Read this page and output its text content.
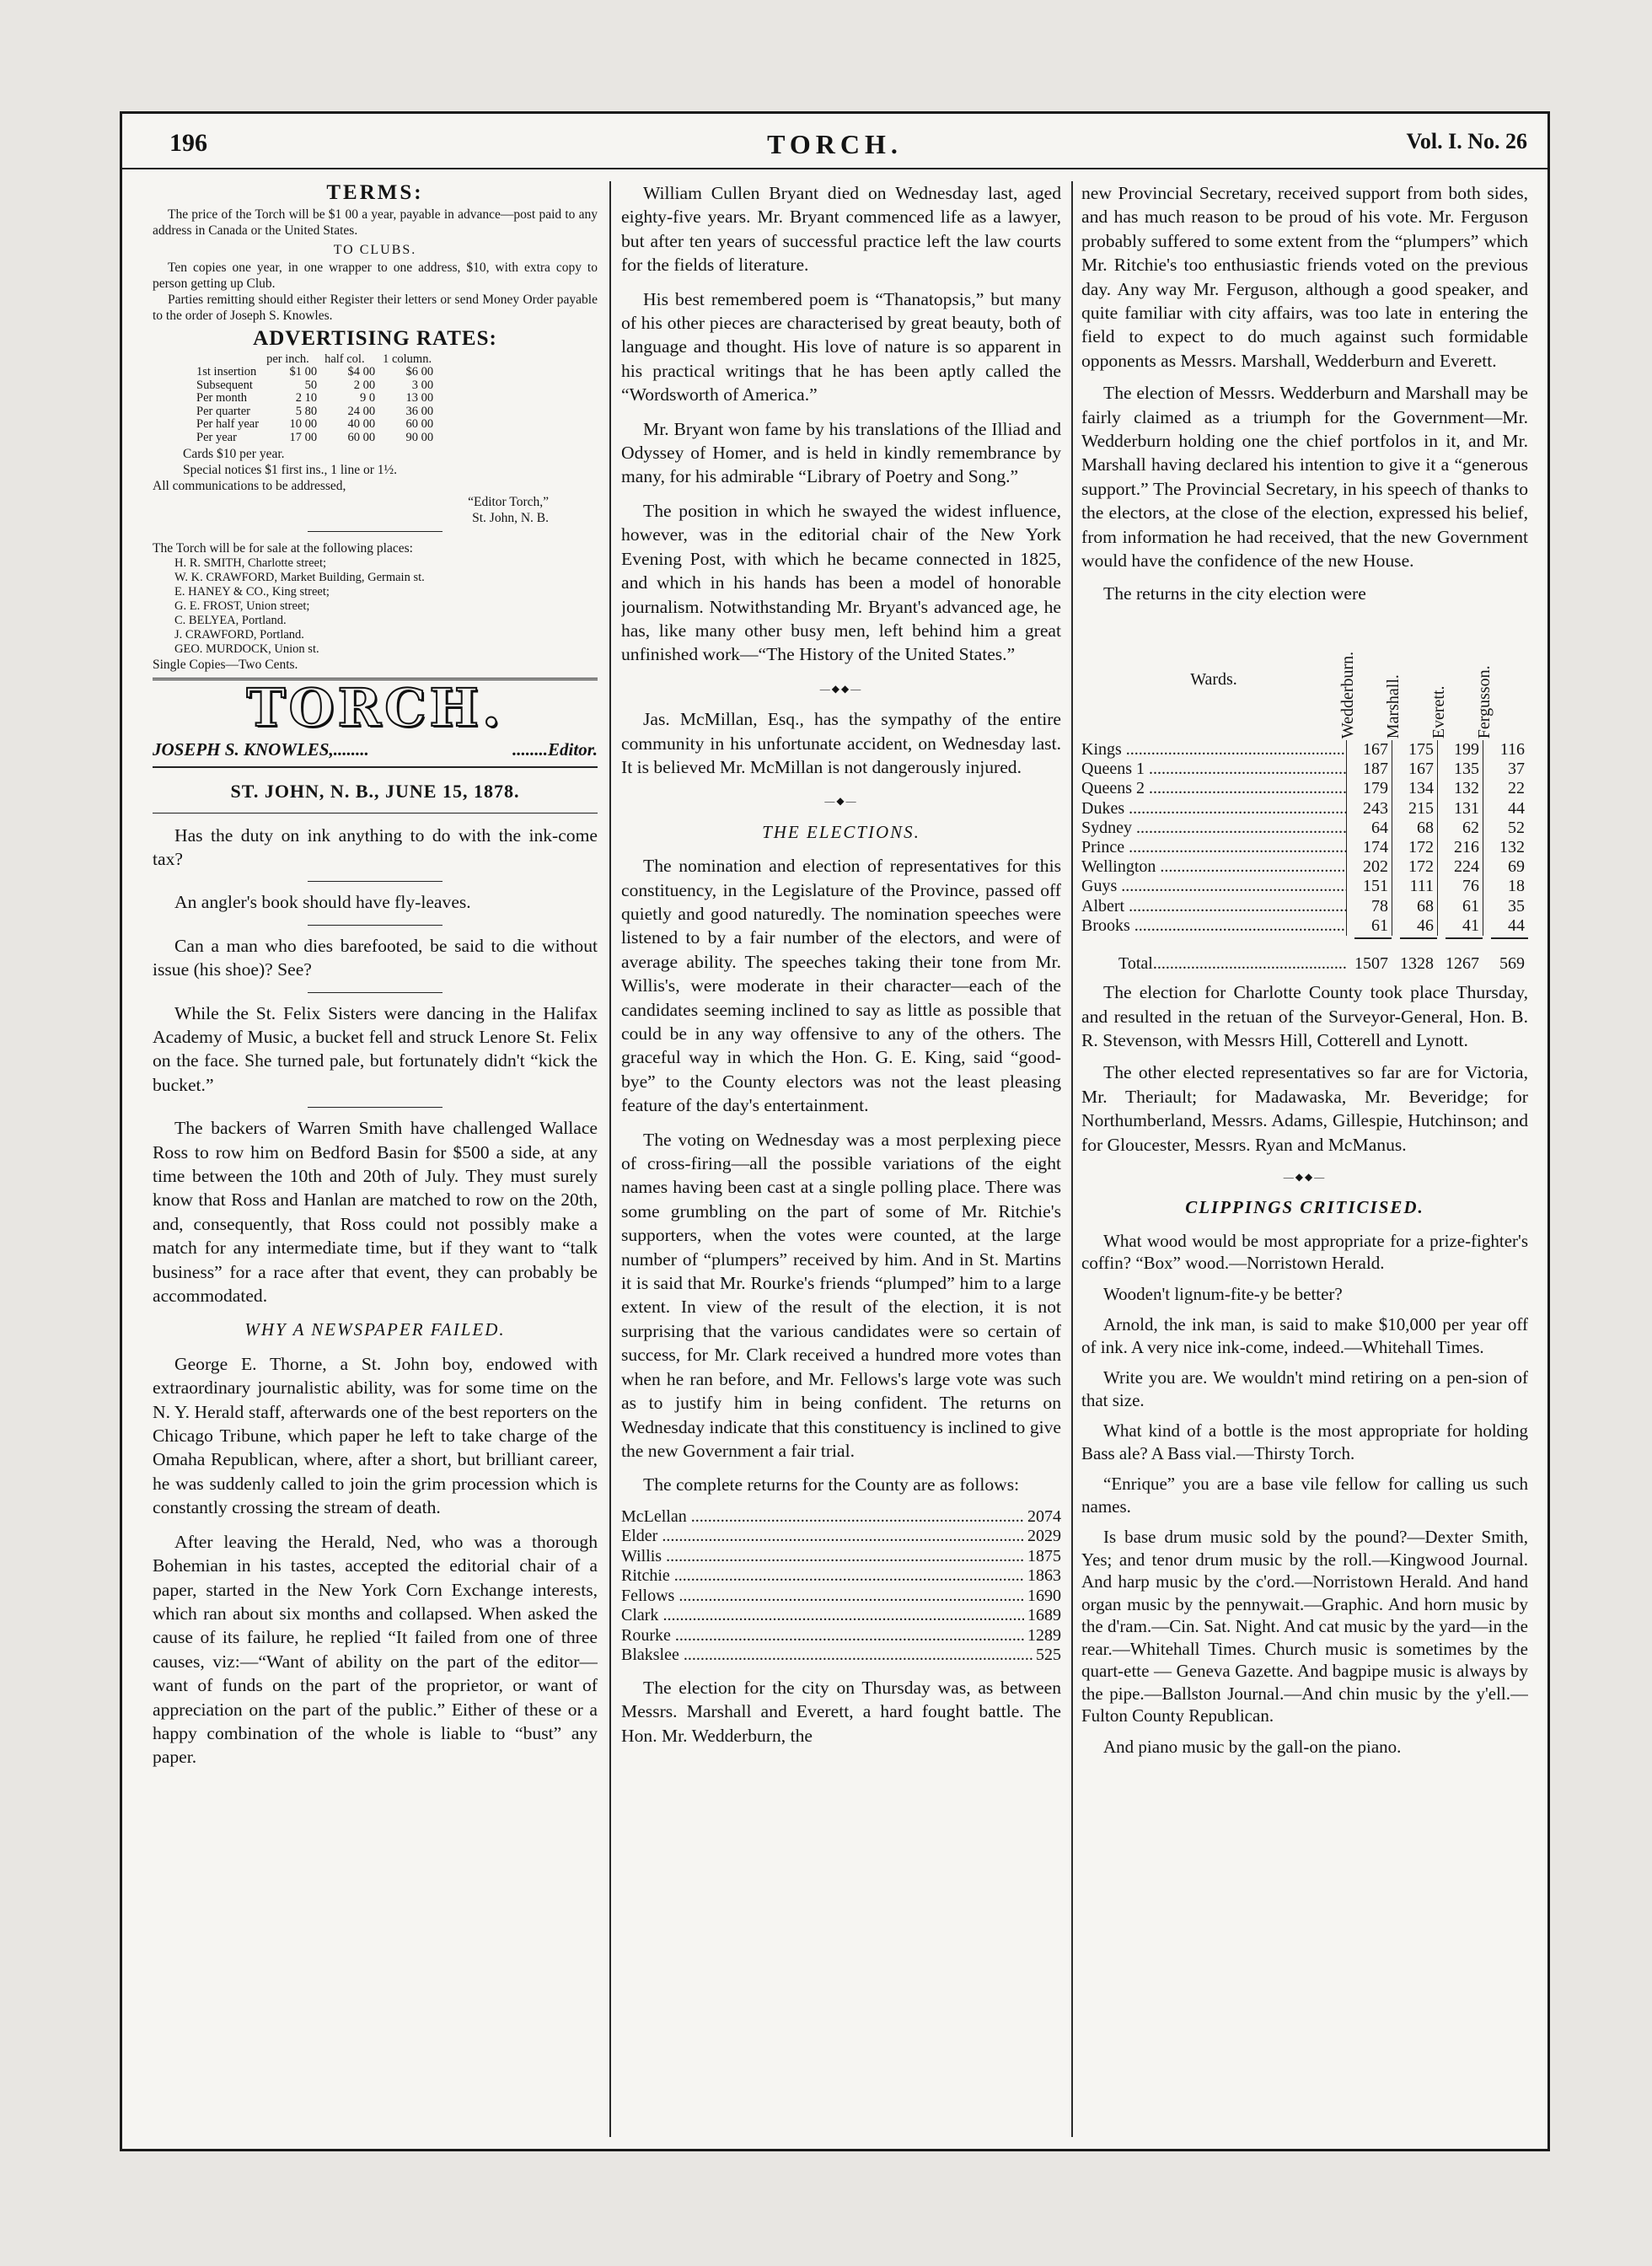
196	TORCH.	Vol. I. No. 26
TERMS:

The price of the Torch will be $1 00 a year, payable in advance—post paid to any address in Canada or the United States.

TO CLUBS.

Ten copies one year, in one wrapper to one address, $10, with extra copy to person getting up Club.

Parties remitting should either Register their letters or send Money Order payable to the order of Joseph S. Knowles.

ADVERTISING RATES:
	per inch.	half col.	1 column.
1st insertion	$1 00	$4 00	$6 00
Subsequent	50	2 00	3 00
Per month	2 10	9 0	13 00
Per quarter	5 80	24 00	36 00
Per half year	10 00	40 00	60 00
Per year	17 00	60 00	90 00
Cards $10 per year.
Special notices $1 first ins., 1 line or 1½.
All communications to be addressed,
“Editor Torch,”
St. John, N. B.
The Torch will be for sale at the following places:
H. R. SMITH, Charlotte street;
W. K. CRAWFORD, Market Building, Germain st.
E. HANEY & CO., King street;
G. E. FROST, Union street;
C. BELYEA, Portland.
J. CRAWFORD, Portland.
GEO. MURDOCK, Union st.
Single Copies—Two Cents.
TORCH.
JOSEPH S. KNOWLES,........	........Editor.
ST. JOHN, N. B., JUNE 15, 1878.

Has the duty on ink anything to do with the ink-come tax?

An angler's book should have fly-leaves.

Can a man who dies barefooted, be said to die without issue (his shoe)? See?

While the St. Felix Sisters were dancing in the Halifax Academy of Music, a bucket fell and struck Lenore St. Felix on the face. She turned pale, but fortunately didn't “kick the bucket.”

The backers of Warren Smith have challenged Wallace Ross to row him on Bedford Basin for $500 a side, at any time between the 10th and 20th of July. They must surely know that Ross and Hanlan are matched to row on the 20th, and, consequently, that Ross could not possibly make a match for any intermediate time, but if they want to “talk business” for a race after that event, they can probably be accommodated.

WHY A NEWSPAPER FAILED.

George E. Thorne, a St. John boy, endowed with extraordinary journalistic ability, was for some time on the N. Y. Herald staff, afterwards one of the best reporters on the Chicago Tribune, which paper he left to take charge of the Omaha Republican, where, after a short, but brilliant career, he was suddenly called to join the grim procession which is constantly crossing the stream of death.

After leaving the Herald, Ned, who was a thorough Bohemian in his tastes, accepted the editorial chair of a paper, started in the New York Corn Exchange interests, which ran about six months and collapsed. When asked the cause of its failure, he replied “It failed from one of three causes, viz:—“Want of ability on the part of the editor—want of funds on the part of the proprietor, or want of appreciation on the part of the public.” Either of these or a happy combination of the whole is liable to “bust” any paper.

William Cullen Bryant died on Wednesday last, aged eighty-five years. Mr. Bryant commenced life as a lawyer, but after ten years of successful practice left the law courts for the fields of literature.

His best remembered poem is “Thanatopsis,” but many of his other pieces are characterised by great beauty, both of language and thought. His love of nature is so apparent in his practical writings that he has been aptly called the “Wordsworth of America.”

Mr. Bryant won fame by his translations of the Illiad and Odyssey of Homer, and is held in kindly remembrance by many, for his admirable “Library of Poetry and Song.”

The position in which he swayed the widest influence, however, was in the editorial chair of the New York Evening Post, with which he became connected in 1825, and which in his hands has been a model of honorable journalism. Notwithstanding Mr. Bryant's advanced age, he has, like many other busy men, left behind him a great unfinished work—“The History of the United States.”

—◆◆—

Jas. McMillan, Esq., has the sympathy of the entire community in his unfortunate accident, on Wednesday last. It is believed Mr. McMillan is not dangerously injured.

—◆—
THE ELECTIONS.

The nomination and election of representatives for this constituency, in the Legislature of the Province, passed off quietly and good naturedly. The nomination speeches were listened to by a fair number of the electors, and were of average ability. The speeches taking their tone from Mr. Willis's, were moderate in their character—each of the candidates seeming inclined to say as little as possible that could be in any way offensive to any of the others. The graceful way in which the Hon. G. E. King, said “good-bye” to the County electors was not the least pleasing feature of the day's entertainment.

The voting on Wednesday was a most perplexing piece of cross-firing—all the possible variations of the eight names having been cast at a single polling place. There was some grumbling on the part of some of Mr. Ritchie's supporters, when the votes were counted, at the large number of “plumpers” received by him. And in St. Martins it is said that Mr. Rourke's friends “plumped” him to a large extent. In view of the result of the election, it is not surprising that the various candidates were so certain of success, for Mr. Clark received a hundred more votes than when he ran before, and Mr. Fellows's large vote was such as to justify him in being confident. The returns on Wednesday indicate that this constituency is inclined to give the new Government a fair trial.

The complete returns for the County are as follows:

McLellan .....	2074
Elder .....	2029
Willis .....	1875
Ritchie .....	1863
Fellows .....	1690
Clark .....	1689
Rourke .....	1289
Blakslee .....	525

The election for the city on Thursday was, as between Messrs. Marshall and Everett, a hard fought battle. The Hon. Mr. Wedderburn, the

new Provincial Secretary, received support from both sides, and has much reason to be proud of his vote. Mr. Ferguson probably suffered to some extent from the “plumpers” which Mr. Ritchie's too enthusiastic friends voted on the previous day. Any way Mr. Ferguson, although a good speaker, and quite familiar with city affairs, was too late in entering the field to expect to do much against such formidable opponents as Messrs. Marshall, Wedderburn and Everett.

The election of Messrs. Wedderburn and Marshall may be fairly claimed as a triumph for the Government—Mr. Wedderburn holding one the chief portfolos in it, and Mr. Marshall having declared his intention to give it a “generous support.” The Provincial Secretary, in his speech of thanks to the electors, at the close of the election, expressed his belief, from information he had received, that the new Government would have the confidence of the new House.

The returns in the city election were

Wards.	Wedderburn. Marshall. Everett. Fergusson.
Kings .....	167	175	199	116
Queens 1 .....	187	167	135	37
Queens 2 .....	179	134	132	22
Dukes .....	243	215	131	44
Sydney .....	64	68	62	52
Prince .....	174	172	216	132
Wellington .....	202	172	224	69
Guys .....	151	111	76	18
Albert .....	78	68	61	35
Brooks .....	61	46	41	44
Total .....	1507 1328 1267	569

The election for Charlotte County took place Thursday, and resulted in the retuan of the Surveyor-General, Hon. B. R. Stevenson, with Messrs Hill, Cotterell and Lynott.

The other elected representatives so far are for Victoria, Mr. Theriault; for Madawaska, Mr. Beveridge; for Northumberland, Messrs. Adams, Gillespie, Hutchinson; and for Gloucester, Messrs. Ryan and McManus.

—◆◆—
CLIPPINGS CRITICISED.

What wood would be most appropriate for a prize-fighter's coffin? “Box” wood.—Norristown Herald.

Wooden't lignum-fite-y be better?

Arnold, the ink man, is said to make $10,000 per year off of ink. A very nice ink-come, indeed.—Whitehall Times.

Write you are. We wouldn't mind retiring on a pen-sion of that size.

What kind of a bottle is the most appropriate for holding Bass ale? A Bass vial.—Thirsty Torch.

“Enrique” you are a base vile fellow for calling us such names.

Is base drum music sold by the pound?—Dexter Smith, Yes; and tenor drum music by the roll.—Kingwood Journal. And harp music by the c'ord.—Norristown Herald. And hand organ music by the pennywait.—Graphic. And horn music by the d'ram.—Cin. Sat. Night. And cat music by the yard—in the rear.—Whitehall Times. Church music is sometimes by the quart-ette — Geneva Gazette. And bagpipe music is always by the pipe.—Ballston Journal.—And chin music by the y'ell.—Fulton County Republican.

And piano music by the gall-on the piano.
